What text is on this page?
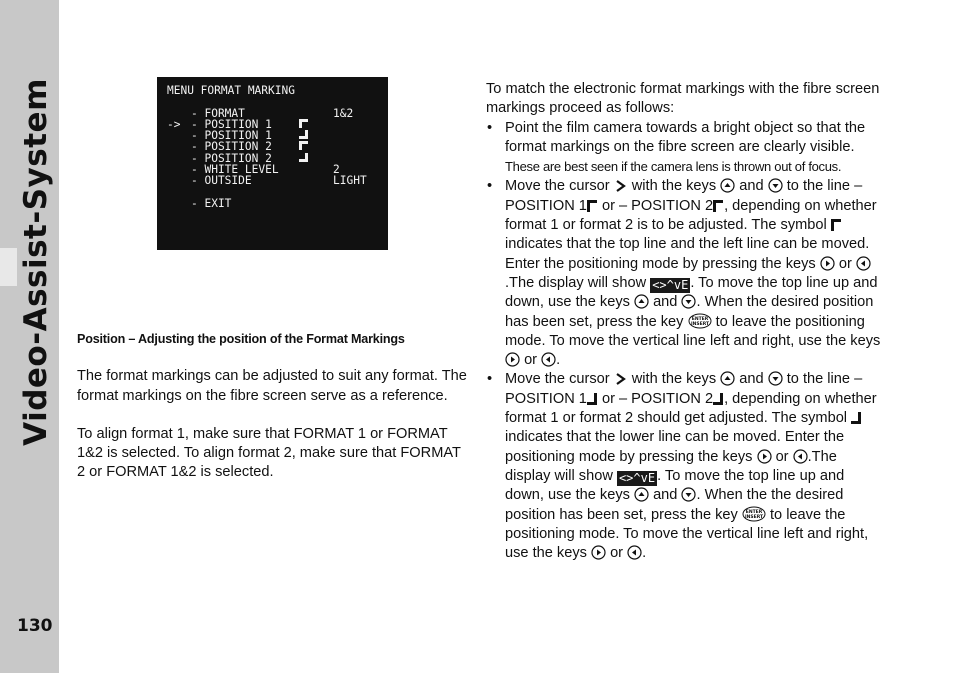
Video-Assist-System
130
MENU FORMAT MARKING
- FORMAT	1&2
-> - POSITION 1
- POSITION 1
- POSITION 2
- POSITION 2
- WHITE LEVEL	2
- OUTSIDE	LIGHT
- EXIT

Position – Adjusting the position of the Format Markings

The format markings can be adjusted to suit any format. The format markings on the fibre screen serve as a reference.

To align format 1, make sure that FORMAT 1 or FORMAT 1&2 is selected. To align format 2, make sure that FORMAT 2 or FORMAT 1&2 is selected.

To match the electronic format markings with the fibre screen markings proceed as follows:

• Point the film camera towards a bright object so that the format markings on the fibre screen are clearly visible. These are best seen if the camera lens is thrown out of focus.
• Move the cursor with the keys and to the line – POSITION 1 or – POSITION 2 , depending on whether format 1 or format 2 is to be adjusted. The symbol  indicates that the top line and the left line can be moved. Enter the positioning mode by pressing the keys or .The display will show <>^vE . To move the top line up and down, use the keys and . When the desired position has been set, press the key ENTER
INSERT to leave the positioning mode. To move the vertical line left and right, use the keys  or .
• Move the cursor with the keys and to the line – POSITION 1 or – POSITION 2 , depending on whether format 1 or format 2 should get adjusted. The symbol  indicates that the lower line can be moved. Enter the positioning mode by pressing the keys or .The display will show <>^vE . To move the top line up and down, use the keys and . When the the desired position has been set, press the key ENTER
INSERT to leave the positioning mode. To move the vertical line left and right, use the keys or .
